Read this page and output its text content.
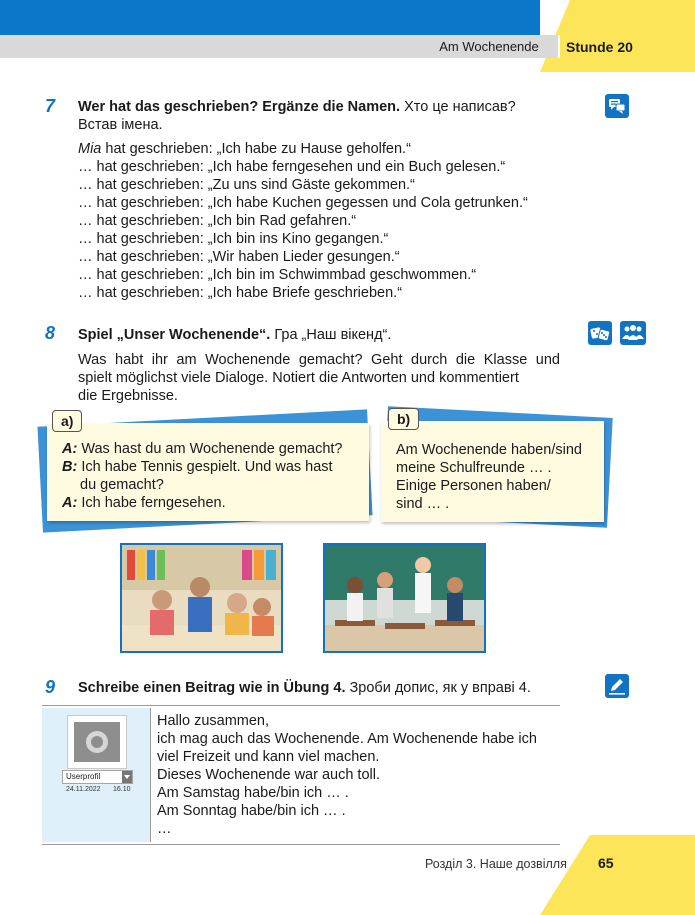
Am Wochenende	Stunde 20
7 Wer hat das geschrieben? Ergänze die Namen. Хто це написав?
Встав імена.
Mia hat geschrieben: „Ich habe zu Hause geholfen.“
… hat geschrieben: „Ich habe ferngesehen und ein Buch gelesen.“
… hat geschrieben: „Zu uns sind Gäste gekommen.“
… hat geschrieben: „Ich habe Kuchen gegessen und Cola getrunken.“
… hat geschrieben: „Ich bin Rad gefahren.“
… hat geschrieben: „Ich bin ins Kino gegangen.“
… hat geschrieben: „Wir haben Lieder gesungen.“
… hat geschrieben: „Ich bin im Schwimmbad geschwommen.“
… hat geschrieben: „Ich habe Briefe geschrieben.“
8 Spiel „Unser Wochenende“. Гра „Наш вікенд“.
Was habt ihr am Wochenende gemacht? Geht durch die Klasse und
spielt möglichst viele Dialoge. Notiert die Antworten und kommentiert
die Ergebnisse.
a)
A: Was hast du am Wochenende gemacht?
B: Ich habe Tennis gespielt. Und was hast
du gemacht?
A: Ich habe ferngesehen.
b)
Am Wochenende haben/sind
meine Schulfreunde … .
Einige Personen haben/
sind … .
9 Schreibe einen Beitrag wie in Übung 4. Зроби допис, як у вправі 4.
Userprofil
24.11.2022 16.10
Hallo zusammen,
ich mag auch das Wochenende. Am Wochenende habe ich
viel Freizeit und kann viel machen.
Dieses Wochenende war auch toll.
Am Samstag habe/bin ich … .
Am Sonntag habe/bin ich … .
…
Розділ 3. Наше дозвілля 65
